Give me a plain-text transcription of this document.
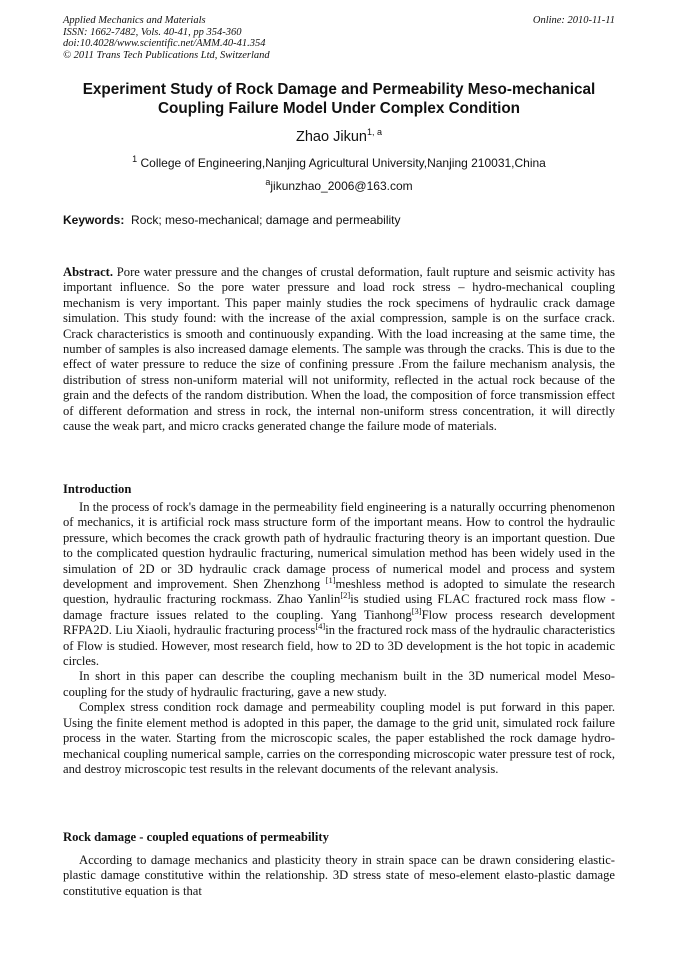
Applied Mechanics and Materials
ISSN: 1662-7482, Vols. 40-41, pp 354-360
doi:10.4028/www.scientific.net/AMM.40-41.354
© 2011 Trans Tech Publications Ltd, Switzerland
Online: 2010-11-11
Experiment Study of Rock Damage and Permeability Meso-mechanical
Coupling Failure Model Under Complex Condition
Zhao Jikun$^{1, a}$
$^1$ College of Engineering,Nanjing Agricultural University,Nanjing 210031,China
$^a$jikunzhao_2006@163.com
Keywords: Rock; meso-mechanical; damage and permeability

Abstract. Pore water pressure and the changes of crustal deformation, fault rupture and seismic activity has important influence. So the pore water pressure and load rock stress – hydro-mechanical coupling mechanism is very important. This paper mainly studies the rock specimens of hydraulic crack damage simulation. This study found: with the increase of the axial compression, sample is on the surface crack. Crack characteristics is smooth and continuously expanding. With the load increasing at the same time, the number of samples is also increased damage elements. The sample was through the cracks. This is due to the effect of water pressure to reduce the size of confining pressure .From the failure mechanism analysis, the distribution of stress non-uniform material will not uniformity, reflected in the actual rock because of the grain and the defects of the random distribution. When the load, the composition of force transmission effect of different deformation and stress in rock, the internal non-uniform stress concentration, it will directly cause the weak part, and micro cracks generated change the failure mode of materials.

Introduction

In the process of rock's damage in the permeability field engineering is a naturally occurring phenomenon of mechanics, it is artificial rock mass structure form of the important means. How to control the hydraulic pressure, which becomes the crack growth path of hydraulic fracturing theory is an important question. Due to the complicated question hydraulic fracturing, numerical simulation method has been widely used in the simulation of 2D or 3D hydraulic crack damage process of numerical model and process and system development and improvement. Shen Zhenzhong [1]meshless method is adopted to simulate the research question, hydraulic fracturing rockmass. Zhao Yanlin[2]is studied using FLAC fractured rock mass flow - damage fracture issues related to the coupling. Yang Tianhong[3]Flow process research development RFPA2D. Liu Xiaoli, hydraulic fracturing process[4]in the fractured rock mass of the hydraulic characteristics of Flow is studied. However, most research field, how to 2D to 3D development is the hot topic in academic circles.

In short in this paper can describe the coupling mechanism built in the 3D numerical model Meso-coupling for the study of hydraulic fracturing, gave a new study.

Complex stress condition rock damage and permeability coupling model is put forward in this paper. Using the finite element method is adopted in this paper, the damage to the grid unit, simulated rock failure process in the water. Starting from the microscopic scales, the paper established the rock damage hydro-mechanical coupling numerical sample, carries on the corresponding microscopic water pressure test of rock, and destroy microscopic test results in the relevant documents of the relevant analysis.

Rock damage - coupled equations of permeability

According to damage mechanics and plasticity theory in strain space can be drawn considering elastic-plastic damage constitutive within the relationship. 3D stress state of meso-element elasto-plastic damage constitutive equation is that
